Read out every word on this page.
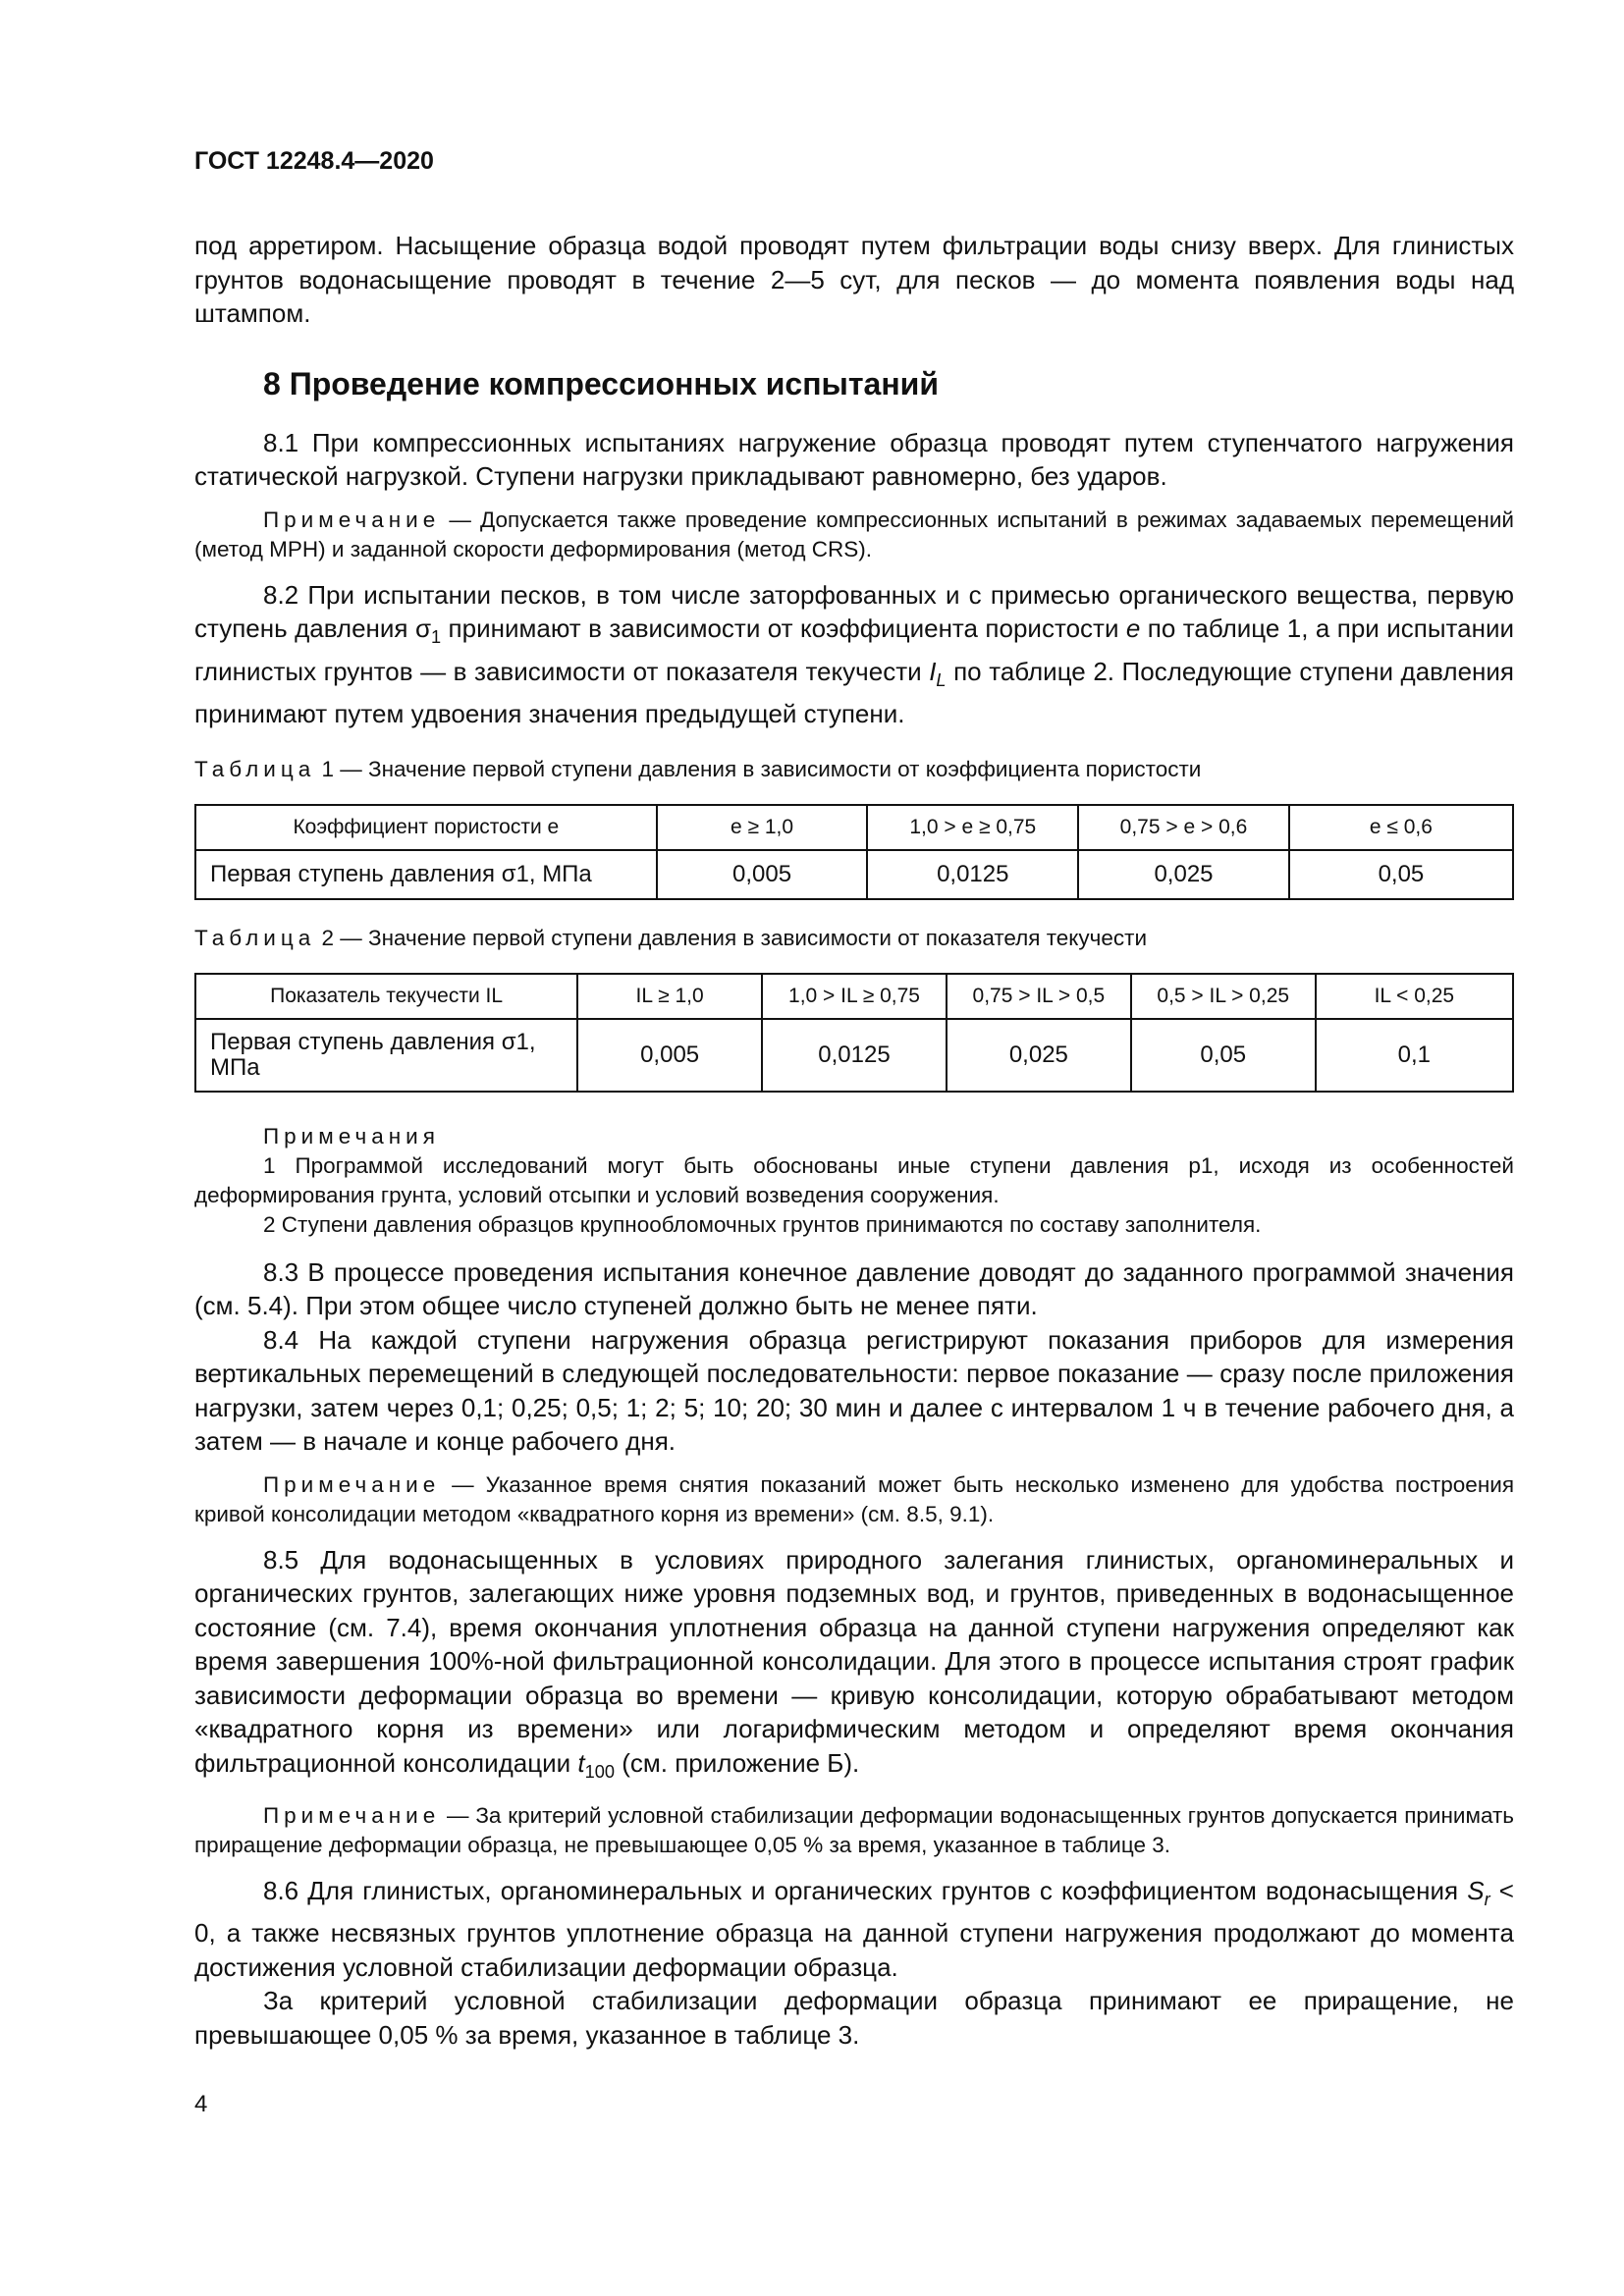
ГОСТ 12248.4—2020

под арретиром. Насыщение образца водой проводят путем фильтрации воды снизу вверх. Для глинистых грунтов водонасыщение проводят в течение 2—5 сут, для песков — до момента появления воды над штампом.

8 Проведение компрессионных испытаний

8.1 При компрессионных испытаниях нагружение образца проводят путем ступенчатого нагружения статической нагрузкой. Ступени нагрузки прикладывают равномерно, без ударов.

Примечание — Допускается также проведение компрессионных испытаний в режимах задаваемых перемещений (метод МРН) и заданной скорости деформирования (метод CRS).

8.2 При испытании песков, в том числе заторфованных и с примесью органического вещества, первую ступень давления $\sigma_1$ принимают в зависимости от коэффициента пористости e по таблице 1, а при испытании глинистых грунтов — в зависимости от показателя текучести $I_L$ по таблице 2. Последующие ступени давления принимают путем удвоения значения предыдущей ступени.

Таблица 1 — Значение первой ступени давления в зависимости от коэффициента пористости
Коэффициент пористости e	e ≥ 1,0	1,0 > e ≥ 0,75	0,75 > e > 0,6	e ≤ 0,6
Первая ступень давления σ1, МПа	0,005	0,0125	0,025	0,05
Таблица 2 — Значение первой ступени давления в зависимости от показателя текучести
Показатель текучести IL	IL ≥ 1,0	1,0 > IL ≥ 0,75	0,75 > IL > 0,5	0,5 > IL > 0,25	IL < 0,25
Первая ступень давления σ1, МПа	0,005	0,0125	0,025	0,05	0,1
Примечания
1 Программой исследований могут быть обоснованы иные ступени давления p1, исходя из особенностей деформирования грунта, условий отсыпки и условий возведения сооружения.
2 Ступени давления образцов крупнообломочных грунтов принимаются по составу заполнителя.

8.3 В процессе проведения испытания конечное давление доводят до заданного программой значения (см. 5.4). При этом общее число ступеней должно быть не менее пяти.

8.4 На каждой ступени нагружения образца регистрируют показания приборов для измерения вертикальных перемещений в следующей последовательности: первое показание — сразу после приложения нагрузки, затем через 0,1; 0,25; 0,5; 1; 2; 5; 10; 20; 30 мин и далее с интервалом 1 ч в течение рабочего дня, а затем — в начале и конце рабочего дня.

Примечание — Указанное время снятия показаний может быть несколько изменено для удобства построения кривой консолидации методом «квадратного корня из времени» (см. 8.5, 9.1).

8.5 Для водонасыщенных в условиях природного залегания глинистых, органоминеральных и органических грунтов, залегающих ниже уровня подземных вод, и грунтов, приведенных в водонасыщенное состояние (см. 7.4), время окончания уплотнения образца на данной ступени нагружения определяют как время завершения 100%-ной фильтрационной консолидации. Для этого в процессе испытания строят график зависимости деформации образца во времени — кривую консолидации, которую обрабатывают методом «квадратного корня из времени» или логарифмическим методом и определяют время окончания фильтрационной консолидации $t_{100}$ (см. приложение Б).

Примечание — За критерий условной стабилизации деформации водонасыщенных грунтов допускается принимать приращение деформации образца, не превышающее 0,05 % за время, указанное в таблице 3.

8.6 Для глинистых, органоминеральных и органических грунтов с коэффициентом водонасыщения $S_r < 0$, а также несвязных грунтов уплотнение образца на данной ступени нагружения продолжают до момента достижения условной стабилизации деформации образца.

За критерий условной стабилизации деформации образца принимают ее приращение, не превышающее 0,05 % за время, указанное в таблице 3.

4
